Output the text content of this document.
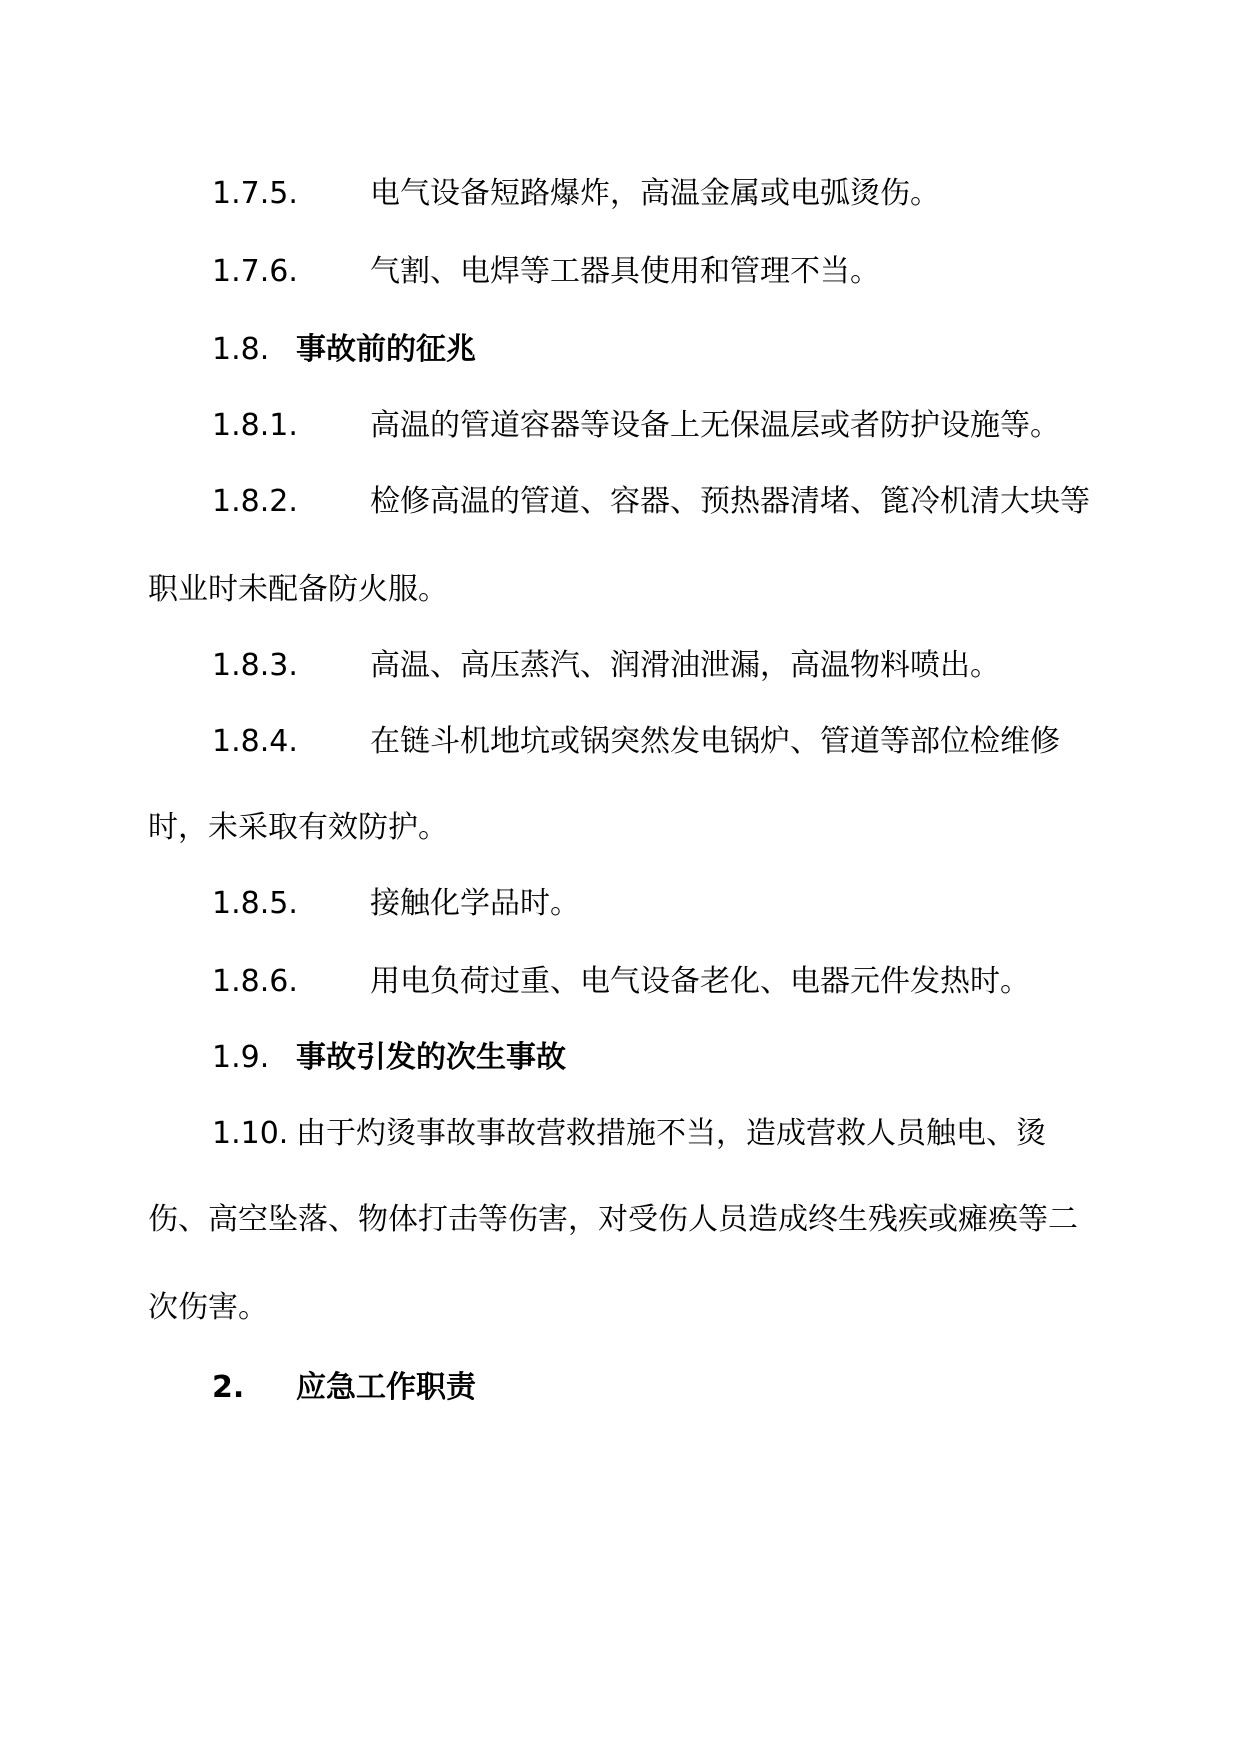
1.7.5. 电气设备短路爆炸，高温金属或电弧烫伤。
1.7.6. 气割、电焊等工器具使用和管理不当。
1.8. 事故前的征兆
1.8.1. 高温的管道容器等设备上无保温层或者防护设施等。
1.8.2. 检修高温的管道、容器、预热器清堵、篦冷机清大块等
职业时未配备防火服。
1.8.3. 高温、高压蒸汽、润滑油泄漏，高温物料喷出。
1.8.4. 在链斗机地坑或锅突然发电锅炉、管道等部位检维修
时，未采取有效防护。
1.8.5. 接触化学品时。
1.8.6. 用电负荷过重、电气设备老化、电器元件发热时。
1.9. 事故引发的次生事故
1.10. 由于灼烫事故事故营救措施不当，造成营救人员触电、烫
伤、高空坠落、物体打击等伤害，对受伤人员造成终生残疾或瘫痪等二
次伤害。
2. 应急工作职责
